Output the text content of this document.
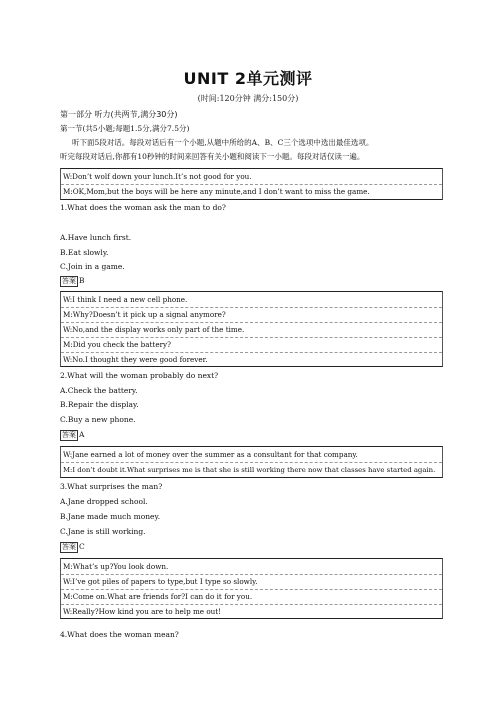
UNIT 2单元测评
(时间:120分钟 满分:150分)
第一部分 听力(共两节,满分30分)
第一节(共5小题;每题1.5分,满分7.5分)
听下面5段对话。每段对话后有一个小题,从题中所给的A、B、C三个选项中选出最佳选项。
听完每段对话后,你都有10秒钟的时间来回答有关小题和阅读下一小题。每段对话仅读一遍。
W:Don’t wolf down your lunch.It’s not good for you.
M:OK,Mom,but the boys will be here any minute,and I don’t want to miss the game.
1.What does the woman ask the man to do?
A.Have lunch first.
B.Eat slowly.
C.Join in a game.
答案 B
W:I think I need a new cell phone.
M:Why?Doesn’t it pick up a signal anymore?
W:No,and the display works only part of the time.
M:Did you check the battery?
W:No.I thought they were good forever.
2.What will the woman probably do next?
A.Check the battery.
B.Repair the display.
C.Buy a new phone.
答案 A
W:Jane earned a lot of money over the summer as a consultant for that company.
M:I don’t doubt it.What surprises me is that she is still working there now that classes have started again.
3.What surprises the man?
A.Jane dropped school.
B.Jane made much money.
C.Jane is still working.
答案 C
M:What’s up?You look down.
W:I’ve got piles of papers to type,but I type so slowly.
M:Come on.What are friends for?I can do it for you.
W:Really?How kind you are to help me out!
4.What does the woman mean?
